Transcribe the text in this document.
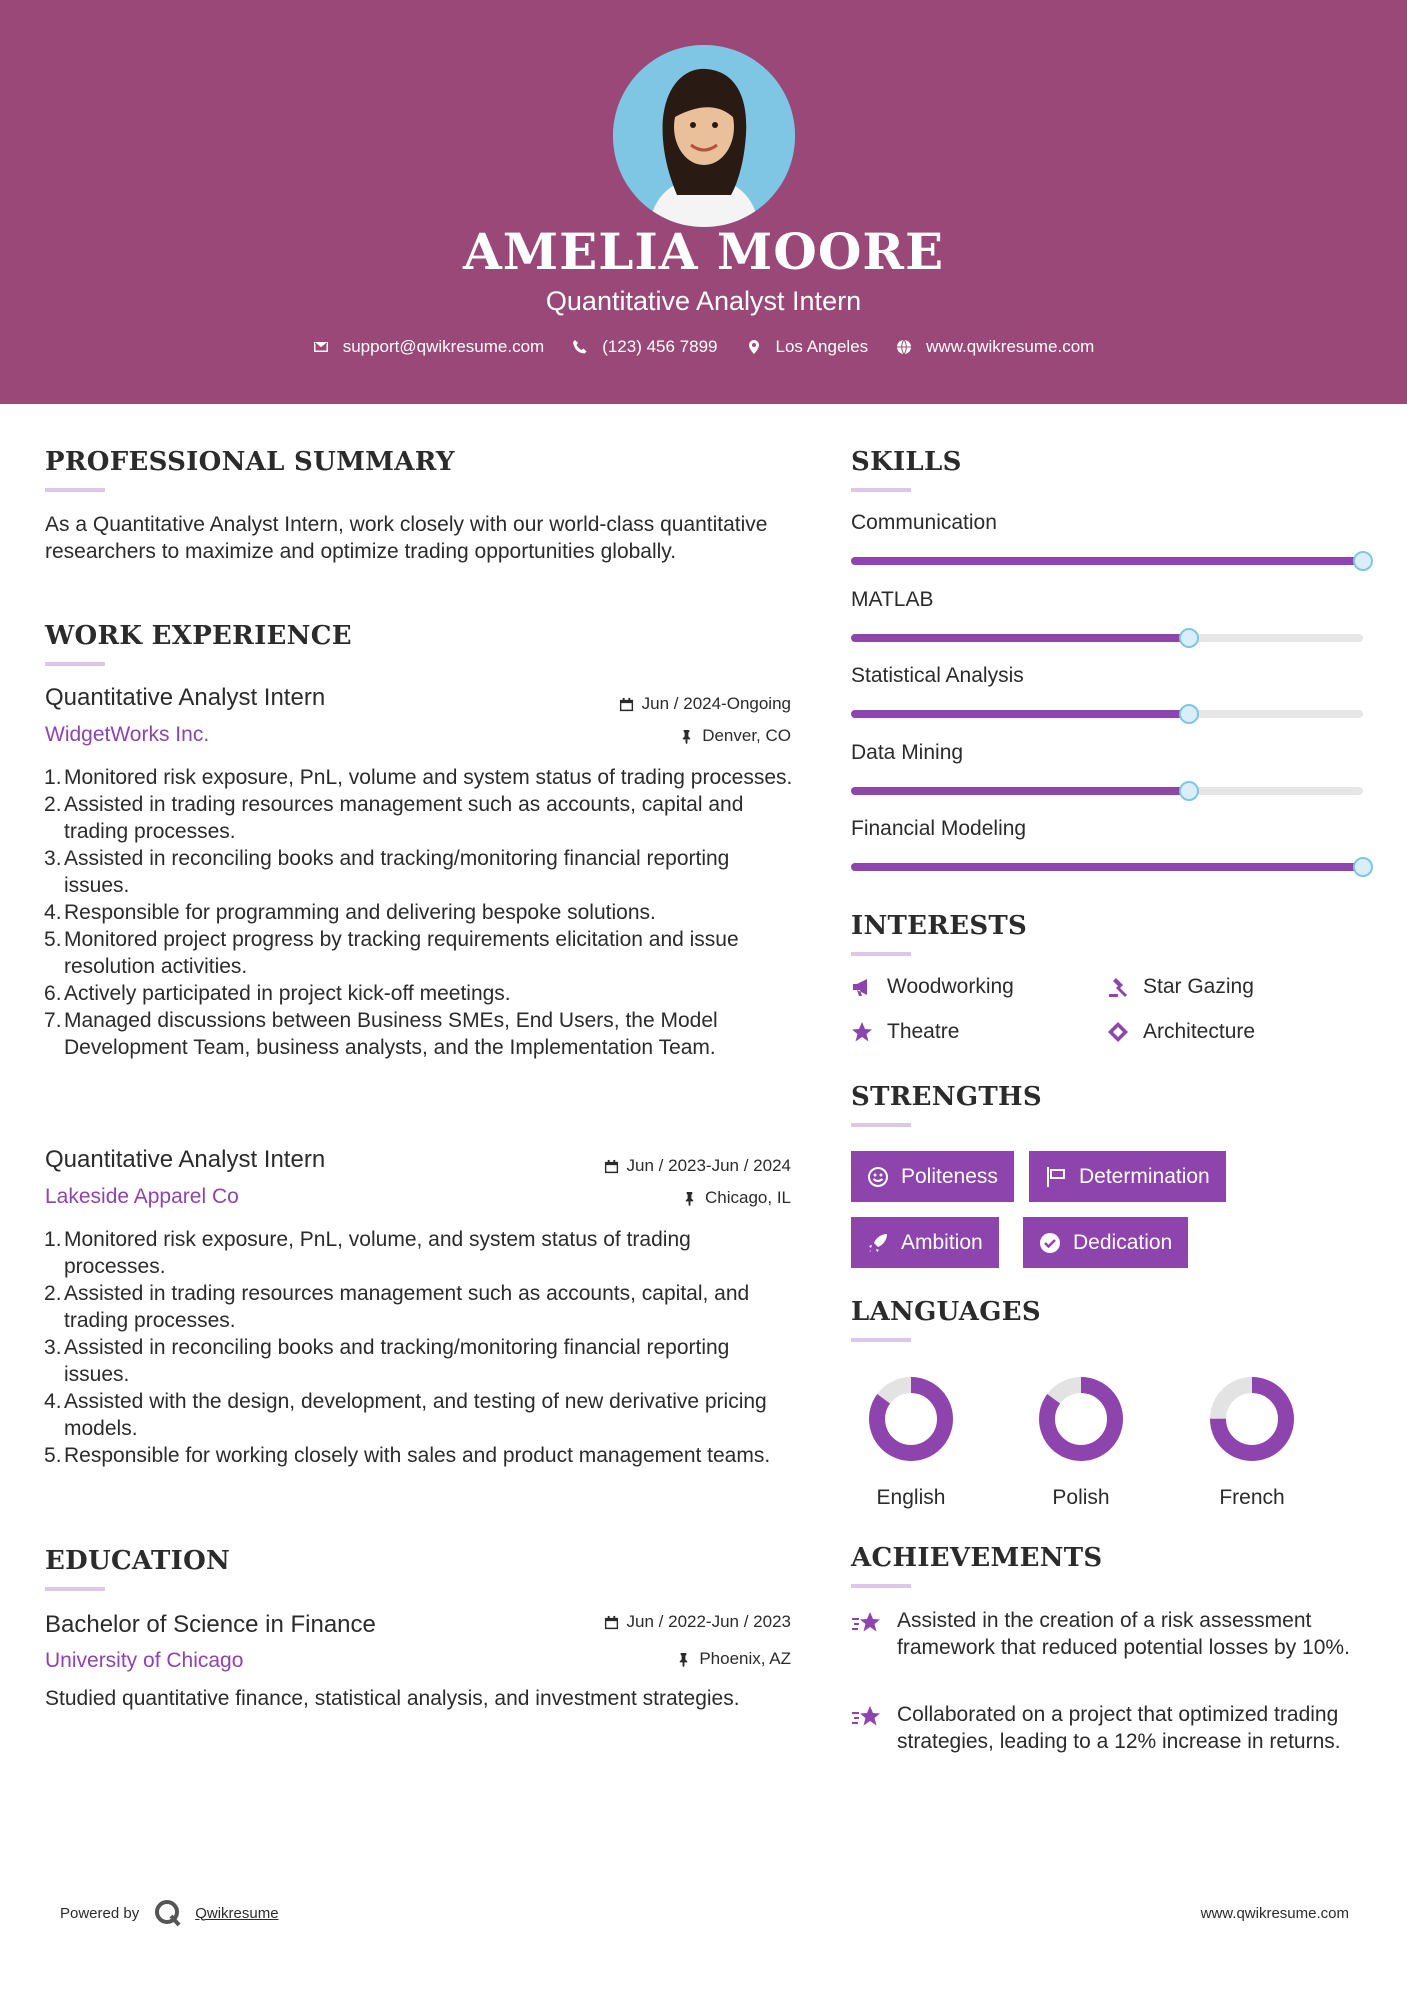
AMELIA MOORE
Quantitative Analyst Intern
support@qwikresume.com	(123) 456 7899	Los Angeles	www.qwikresume.com
PROFESSIONAL SUMMARY
As a Quantitative Analyst Intern, work closely with our world-class quantitative researchers to maximize and optimize trading opportunities globally.
WORK EXPERIENCE
Quantitative Analyst Intern	Jun / 2024-Ongoing
WidgetWorks Inc.	Denver, CO
Monitored risk exposure, PnL, volume and system status of trading processes.
Assisted in trading resources management such as accounts, capital and trading processes.
Assisted in reconciling books and tracking/monitoring financial reporting issues.
Responsible for programming and delivering bespoke solutions.
Monitored project progress by tracking requirements elicitation and issue resolution activities.
Actively participated in project kick-off meetings.
Managed discussions between Business SMEs, End Users, the Model Development Team, business analysts, and the Implementation Team.
Quantitative Analyst Intern	Jun / 2023-Jun / 2024
Lakeside Apparel Co	Chicago, IL
Monitored risk exposure, PnL, volume, and system status of trading processes.
Assisted in trading resources management such as accounts, capital, and trading processes.
Assisted in reconciling books and tracking/monitoring financial reporting issues.
Assisted with the design, development, and testing of new derivative pricing models.
Responsible for working closely with sales and product management teams.
EDUCATION
Bachelor of Science in Finance	Jun / 2022-Jun / 2023
University of Chicago	Phoenix, AZ
Studied quantitative finance, statistical analysis, and investment strategies.
SKILLS
Communication
MATLAB
Statistical Analysis
Data Mining
Financial Modeling
INTERESTS
Woodworking	Star Gazing
Theatre	Architecture
STRENGTHS
Politeness	Determination
Ambition	Dedication
LANGUAGES
English	Polish	French
ACHIEVEMENTS
Assisted in the creation of a risk assessment framework that reduced potential losses by 10%.
Collaborated on a project that optimized trading strategies, leading to a 12% increase in returns.
Powered by	Qwikresume	www.qwikresume.com
